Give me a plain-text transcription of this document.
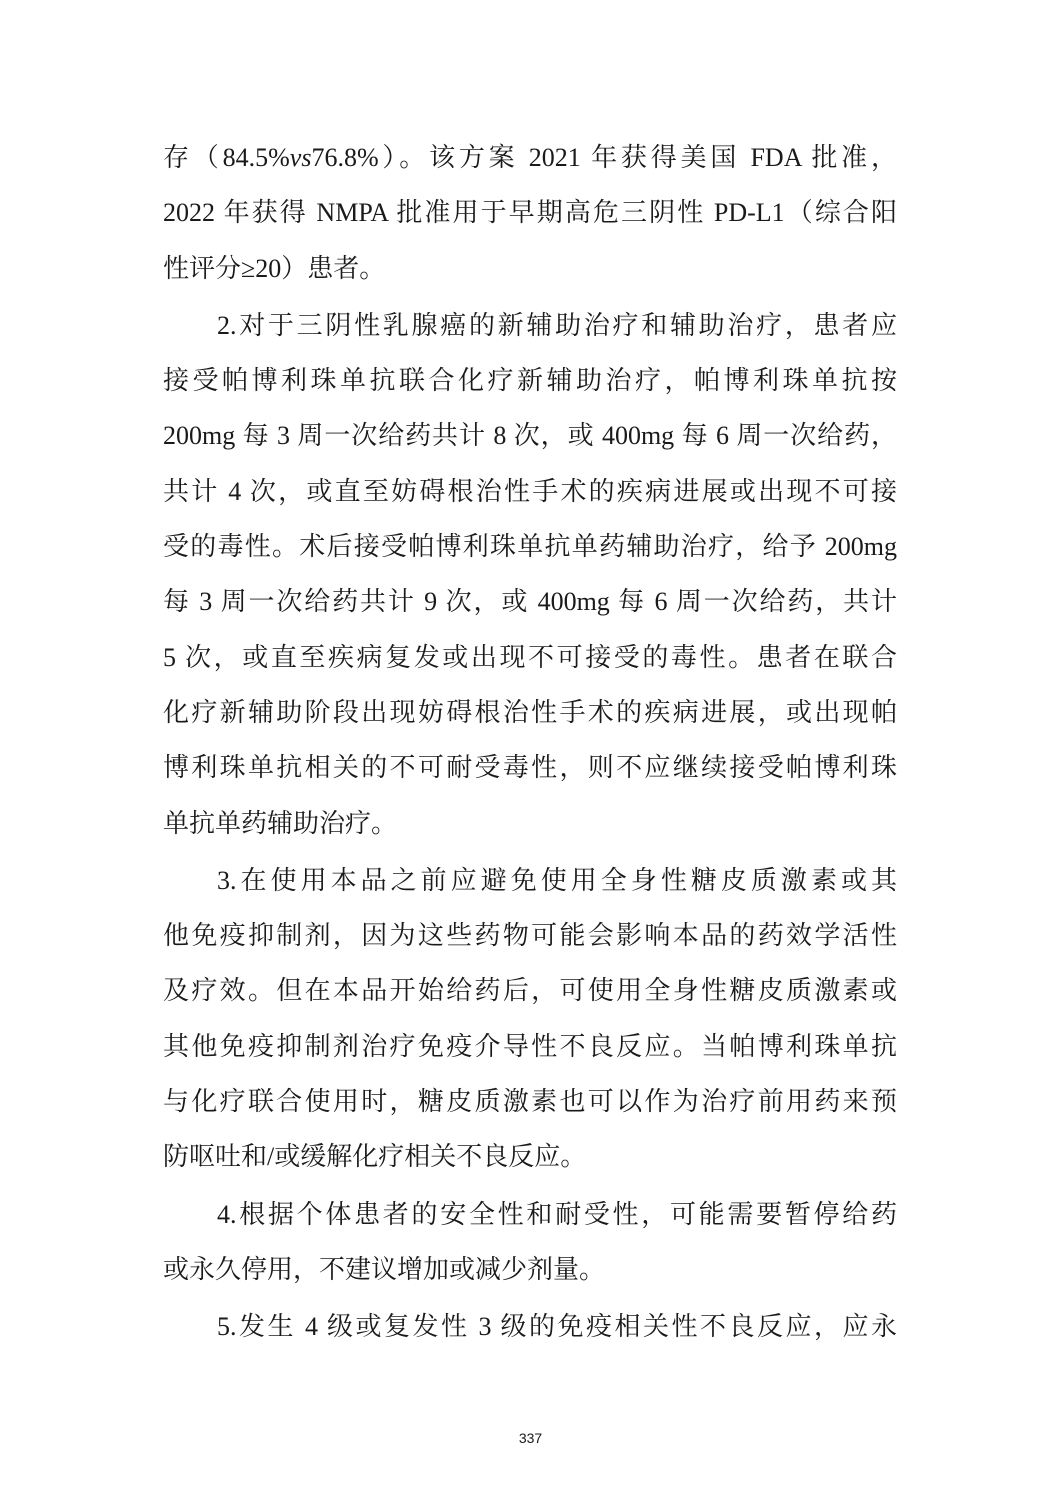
存（84.5%vs76.8%）。该方案 2021 年获得美国 FDA 批准，
2022 年获得 NMPA 批准用于早期高危三阴性 PD-L1（综合阳
性评分≥20）患者。
2.对于三阴性乳腺癌的新辅助治疗和辅助治疗，患者应
接受帕博利珠单抗联合化疗新辅助治疗，帕博利珠单抗按
200mg 每 3 周一次给药共计 8 次，或 400mg 每 6 周一次给药，
共计 4 次，或直至妨碍根治性手术的疾病进展或出现不可接
受的毒性。术后接受帕博利珠单抗单药辅助治疗，给予 200mg
每 3 周一次给药共计 9 次，或 400mg 每 6 周一次给药，共计
5 次，或直至疾病复发或出现不可接受的毒性。患者在联合
化疗新辅助阶段出现妨碍根治性手术的疾病进展，或出现帕
博利珠单抗相关的不可耐受毒性，则不应继续接受帕博利珠
单抗单药辅助治疗。
3.在使用本品之前应避免使用全身性糖皮质激素或其
他免疫抑制剂，因为这些药物可能会影响本品的药效学活性
及疗效。但在本品开始给药后，可使用全身性糖皮质激素或
其他免疫抑制剂治疗免疫介导性不良反应。当帕博利珠单抗
与化疗联合使用时，糖皮质激素也可以作为治疗前用药来预
防呕吐和/或缓解化疗相关不良反应。
4.根据个体患者的安全性和耐受性，可能需要暂停给药
或永久停用，不建议增加或减少剂量。
5.发生 4 级或复发性 3 级的免疫相关性不良反应，应永
337
